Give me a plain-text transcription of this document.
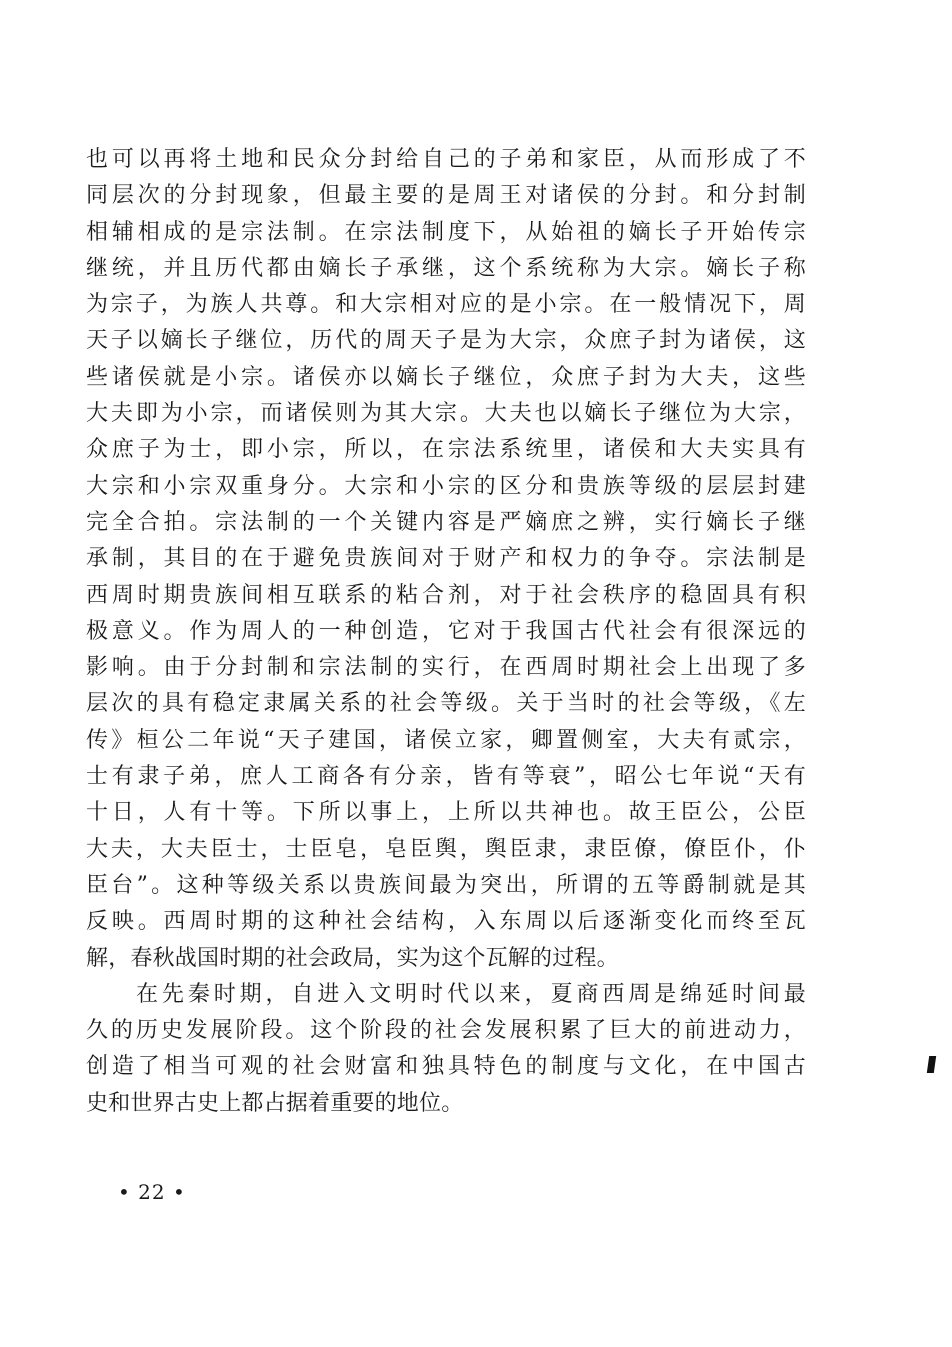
也可以再将土地和民众分封给自己的子弟和家臣，从而形成了不
同层次的分封现象，但最主要的是周王对诸侯的分封。和分封制
相辅相成的是宗法制。在宗法制度下，从始祖的嫡长子开始传宗
继统，并且历代都由嫡长子承继，这个系统称为大宗。嫡长子称
为宗子，为族人共尊。和大宗相对应的是小宗。在一般情况下，周
天子以嫡长子继位，历代的周天子是为大宗，众庶子封为诸侯，这
些诸侯就是小宗。诸侯亦以嫡长子继位，众庶子封为大夫，这些
大夫即为小宗，而诸侯则为其大宗。大夫也以嫡长子继位为大宗，
众庶子为士，即小宗，所以，在宗法系统里，诸侯和大夫实具有
大宗和小宗双重身分。大宗和小宗的区分和贵族等级的层层封建
完全合拍。宗法制的一个关键内容是严嫡庶之辨，实行嫡长子继
承制，其目的在于避免贵族间对于财产和权力的争夺。宗法制是
西周时期贵族间相互联系的粘合剂，对于社会秩序的稳固具有积
极意义。作为周人的一种创造，它对于我国古代社会有很深远的
影响。由于分封制和宗法制的实行，在西周时期社会上出现了多
层次的具有稳定隶属关系的社会等级。关于当时的社会等级，《左
传》桓公二年说“天子建国，诸侯立家，卿置侧室，大夫有贰宗，
士有隶子弟，庶人工商各有分亲，皆有等衰”，昭公七年说“天有
十日，人有十等。下所以事上，上所以共神也。故王臣公，公臣
大夫，大夫臣士，士臣皂，皂臣舆，舆臣隶，隶臣僚，僚臣仆，仆
臣台”。这种等级关系以贵族间最为突出，所谓的五等爵制就是其
反映。西周时期的这种社会结构，入东周以后逐渐变化而终至瓦
解，春秋战国时期的社会政局，实为这个瓦解的过程。
在先秦时期，自进入文明时代以来，夏商西周是绵延时间最
久的历史发展阶段。这个阶段的社会发展积累了巨大的前进动力，
创造了相当可观的社会财富和独具特色的制度与文化，在中国古
史和世界古史上都占据着重要的地位。
• 22 •
